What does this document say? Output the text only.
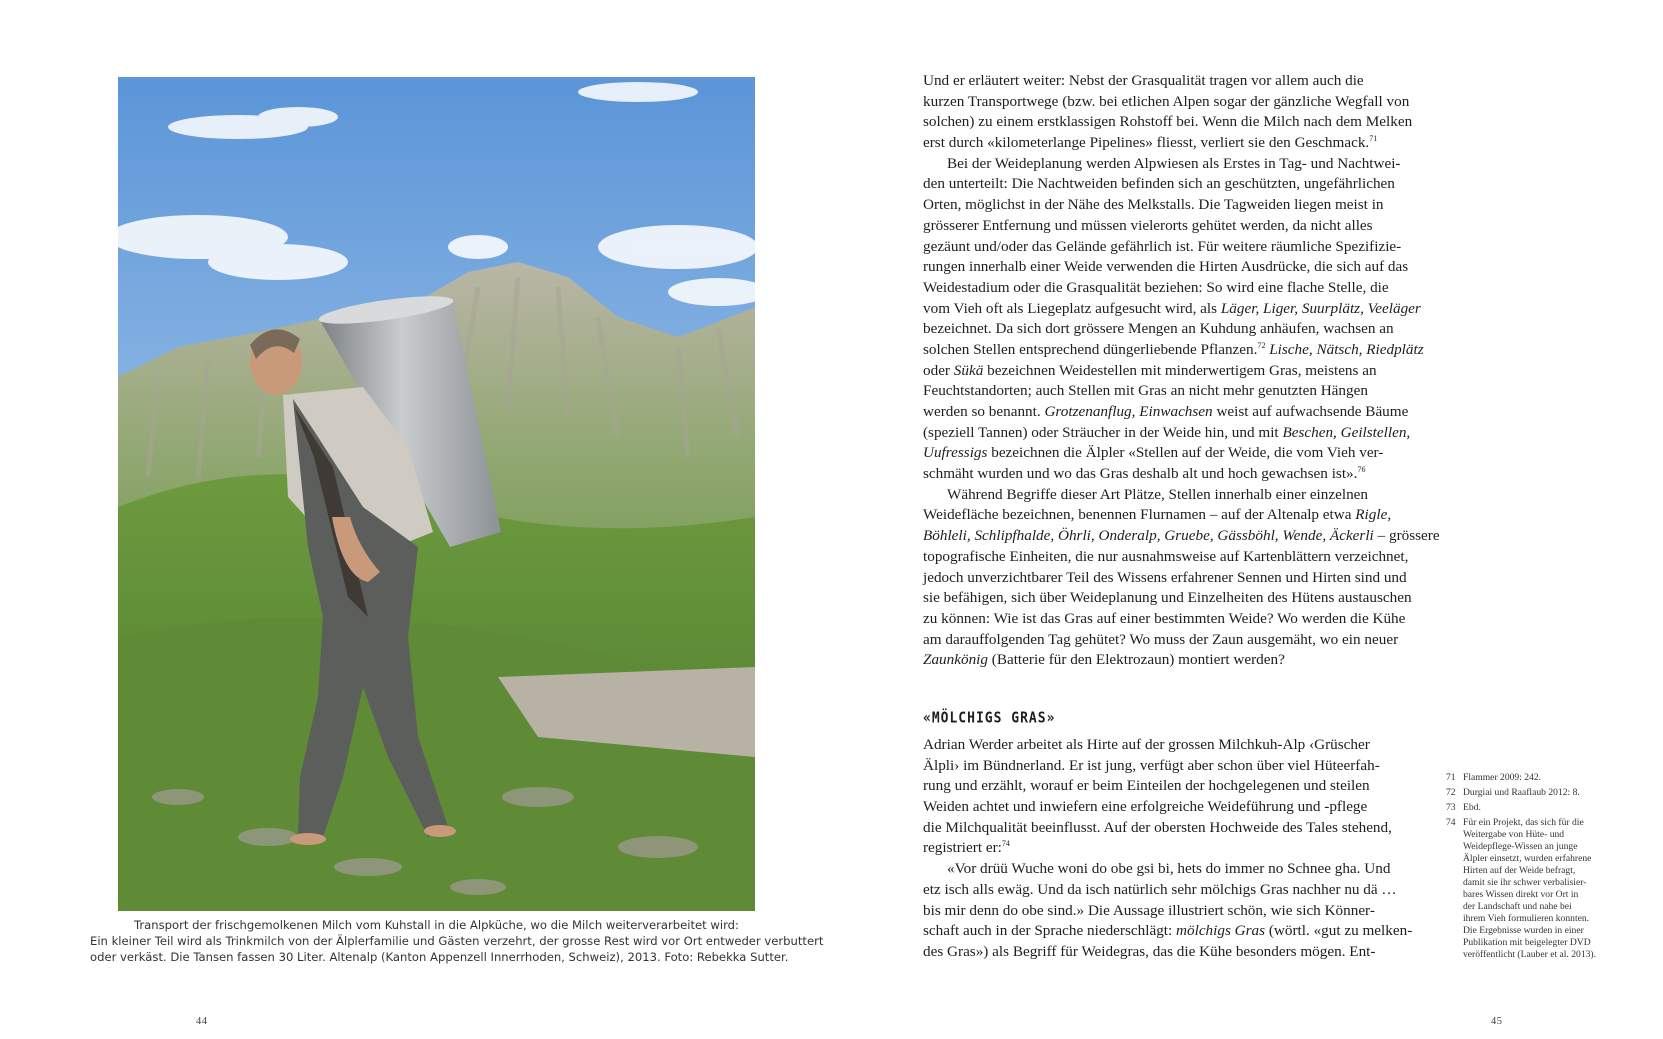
Transport der frischgemolkenen Milch vom Kuhstall in die Alpküche, wo die Milch weiterverarbeitet wird:
Ein kleiner Teil wird als Trinkmilch von der Älplerfamilie und Gästen verzehrt, der grosse Rest wird vor Ort entweder verbuttert
oder verkäst. Die Tansen fassen 30 Liter. Altenalp (Kanton Appenzell Innerrhoden, Schweiz), 2013. Foto: Rebekka Sutter.
44
Und er erläutert weiter: Nebst der Grasqualität tragen vor allem auch die
kurzen Transportwege (bzw. bei etlichen Alpen sogar der gänzliche Wegfall von
solchen) zu einem erstklassigen Rohstoff bei. Wenn die Milch nach dem Melken
erst durch «kilometerlange Pipelines» fliesst, verliert sie den Geschmack.$^{71}$
Bei der Weideplanung werden Alpwiesen als Erstes in Tag- und Nachtwei-
den unterteilt: Die Nachtweiden befinden sich an geschützten, ungefährlichen
Orten, möglichst in der Nähe des Melkstalls. Die Tagweiden liegen meist in
grösserer Entfernung und müssen vielerorts gehütet werden, da nicht alles
gezäunt und/oder das Gelände gefährlich ist. Für weitere räumliche Spezifizie-
rungen innerhalb einer Weide verwenden die Hirten Ausdrücke, die sich auf das
Weidestadium oder die Grasqualität beziehen: So wird eine flache Stelle, die
vom Vieh oft als Liegeplatz aufgesucht wird, als Läger, Liger, Suurplätz, Veeläger
bezeichnet. Da sich dort grössere Mengen an Kuhdung anhäufen, wachsen an
solchen Stellen entsprechend düngerliebende Pflanzen.$^{72}$ Lische, Nätsch, Riedplätz
oder Sükä bezeichnen Weidestellen mit minderwertigem Gras, meistens an
Feuchtstandorten; auch Stellen mit Gras an nicht mehr genutzten Hängen
werden so benannt. Grotzenanflug, Einwachsen weist auf aufwachsende Bäume
(speziell Tannen) oder Sträucher in der Weide hin, und mit Beschen, Geilstellen,
Uufressigs bezeichnen die Älpler «Stellen auf der Weide, die vom Vieh ver-
schmäht wurden und wo das Gras deshalb alt und hoch gewachsen ist».$^{76}$
Während Begriffe dieser Art Plätze, Stellen innerhalb einer einzelnen
Weidefläche bezeichnen, benennen Flurnamen – auf der Altenalp etwa Rigle,
Böhleli, Schlipfhalde, Öhrli, Onderalp, Gruebe, Gässböhl, Wende, Äckerli – grössere
topografische Einheiten, die nur ausnahmsweise auf Kartenblättern verzeichnet,
jedoch unverzichtbarer Teil des Wissens erfahrener Sennen und Hirten sind und
sie befähigen, sich über Weideplanung und Einzelheiten des Hütens austauschen
zu können: Wie ist das Gras auf einer bestimmten Weide? Wo werden die Kühe
am darauffolgenden Tag gehütet? Wo muss der Zaun ausgemäht, wo ein neuer
Zaunkönig (Batterie für den Elektrozaun) montiert werden?
«MÖLCHIGS GRAS»
Adrian Werder arbeitet als Hirte auf der grossen Milchkuh-Alp ‹Grüscher
Älpli› im Bündnerland. Er ist jung, verfügt aber schon über viel Hüteerfah-
rung und erzählt, worauf er beim Einteilen der hochgelegenen und steilen
Weiden achtet und inwiefern eine erfolgreiche Weideführung und -pflege
die Milchqualität beeinflusst. Auf der obersten Hochweide des Tales stehend,
registriert er:$^{74}$
«Vor drüü Wuche woni do obe gsi bi, hets do immer no Schnee gha. Und
etz isch alls ewäg. Und da isch natürlich sehr mölchigs Gras nachher nu dä …
bis mir denn do obe sind.» Die Aussage illustriert schön, wie sich Könner-
schaft auch in der Sprache niederschlägt: mölchigs Gras (wörtl. «gut zu melken-
des Gras») als Begriff für Weidegras, das die Kühe besonders mögen. Ent-
71 Flammer 2009: 242.
72 Durgiai und Raaflaub 2012: 8.
73 Ebd.
74 Für ein Projekt, das sich für die
Weitergabe von Hüte- und
Weidepflege-Wissen an junge
Älpler einsetzt, wurden erfahrene
Hirten auf der Weide befragt,
damit sie ihr schwer verbalisier-
bares Wissen direkt vor Ort in
der Landschaft und nahe bei
ihrem Vieh formulieren konnten.
Die Ergebnisse wurden in einer
Publikation mit beigelegter DVD
veröffentlicht (Lauber et al. 2013).
45
